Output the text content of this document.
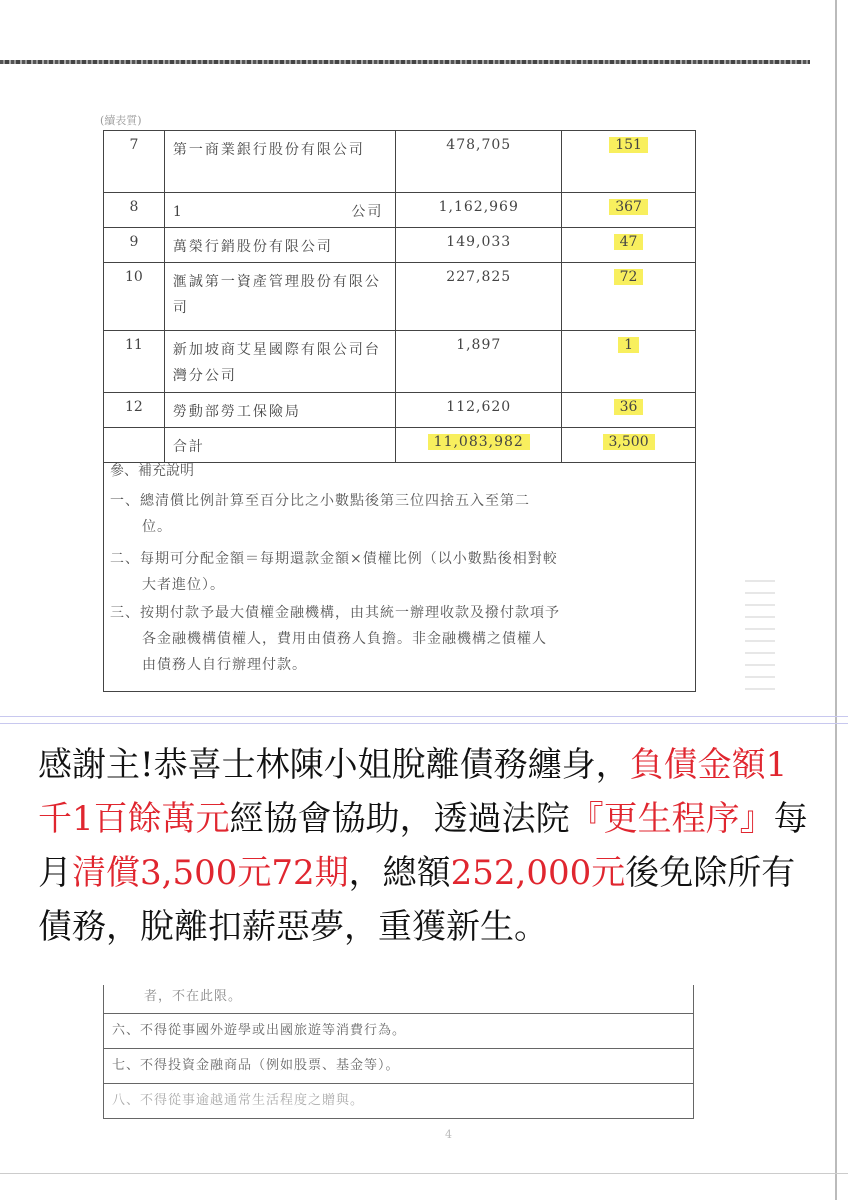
(續表質)
7	第一商業銀行股份有限公司	478,705	151
8	1 公司	1,162,969	367
9	萬榮行銷股份有限公司	149,033	47
10	滙誠第一資產管理股份有限公司	227,825	72
11	新加坡商艾星國際有限公司台灣分公司	1,897	1
12	勞動部勞工保險局	112,620	36
	合計	11,083,982	3,500
參、補充說明
一、總清償比例計算至百分比之小數點後第三位四捨五入至第二
位。
二、每期可分配金額＝每期還款金額×債權比例（以小數點後相對較
大者進位）。
三、按期付款予最大債權金融機構，由其統一辦理收款及撥付款項予
各金融機構債權人，費用由債務人負擔。非金融機構之債權人
由債務人自行辦理付款。
感謝主!恭喜士林陳小姐脫離債務纏身，負債金額1千1百餘萬元經協會協助，透過法院『更生程序』每月清償3,500元72期，總額252,000元後免除所有債務，脫離扣薪惡夢，重獲新生。
者，不在此限。
六、不得從事國外遊學或出國旅遊等消費行為。
七、不得投資金融商品（例如股票、基金等）。
八、不得從事逾越通常生活程度之贈與。
4
